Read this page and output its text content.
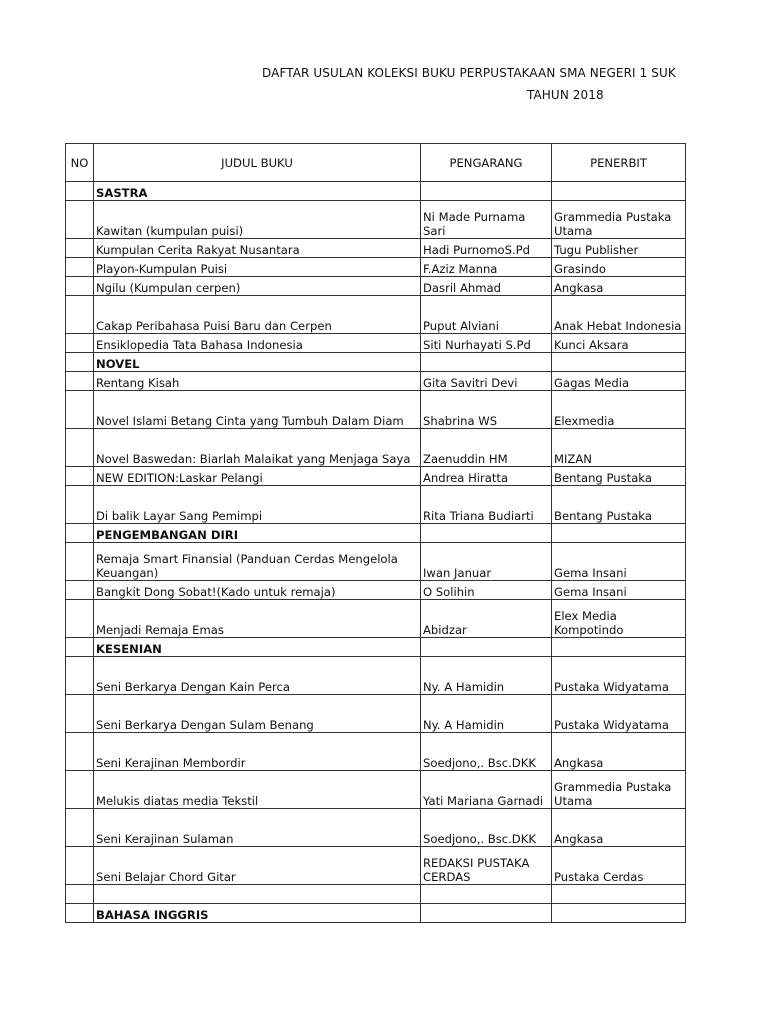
DAFTAR USULAN KOLEKSI BUKU PERPUSTAKAAN SMA NEGERI 1 SUK
TAHUN 2018
NO	JUDUL BUKU	PENGARANG	PENERBIT
	SASTRA		
	Kawitan (kumpulan puisi)	Ni Made Purnama Sari	Grammedia Pustaka Utama
	Kumpulan Cerita Rakyat Nusantara	Hadi PurnomoS.Pd	Tugu Publisher
	Playon-Kumpulan Puisi	F.Aziz Manna	Grasindo
	Ngilu (Kumpulan cerpen)	Dasril Ahmad	Angkasa
	Cakap Peribahasa Puisi Baru dan Cerpen	Puput Alviani	Anak Hebat Indonesia
	Ensiklopedia Tata Bahasa Indonesia	Siti Nurhayati S.Pd	Kunci Aksara
	NOVEL		
	Rentang Kisah	Gita Savitri Devi	Gagas Media
	Novel Islami Betang Cinta yang Tumbuh Dalam Diam	Shabrina WS	Elexmedia
	Novel Baswedan: Biarlah Malaikat yang Menjaga Saya	Zaenuddin HM	MIZAN
	NEW EDITION:Laskar Pelangi	Andrea Hiratta	Bentang Pustaka
	Di balik Layar Sang Pemimpi	Rita Triana Budiarti	Bentang Pustaka
	PENGEMBANGAN DIRI		
	Remaja Smart Finansial (Panduan Cerdas Mengelola Keuangan)	Iwan Januar	Gema Insani
	Bangkit Dong Sobat!(Kado untuk remaja)	O Solihin	Gema Insani
	Menjadi Remaja Emas	Abidzar	Elex Media Kompotindo
	KESENIAN		
	Seni Berkarya Dengan Kain Perca	Ny. A Hamidin	Pustaka Widyatama
	Seni Berkarya Dengan Sulam Benang	Ny. A Hamidin	Pustaka Widyatama
	Seni Kerajinan Membordir	Soedjono,. Bsc.DKK	Angkasa
	Melukis diatas media Tekstil	Yati Mariana Garnadi	Grammedia Pustaka Utama
	Seni Kerajinan Sulaman	Soedjono,. Bsc.DKK	Angkasa
	Seni Belajar Chord Gitar	REDAKSI PUSTAKA CERDAS	Pustaka Cerdas

	BAHASA INGGRIS		
